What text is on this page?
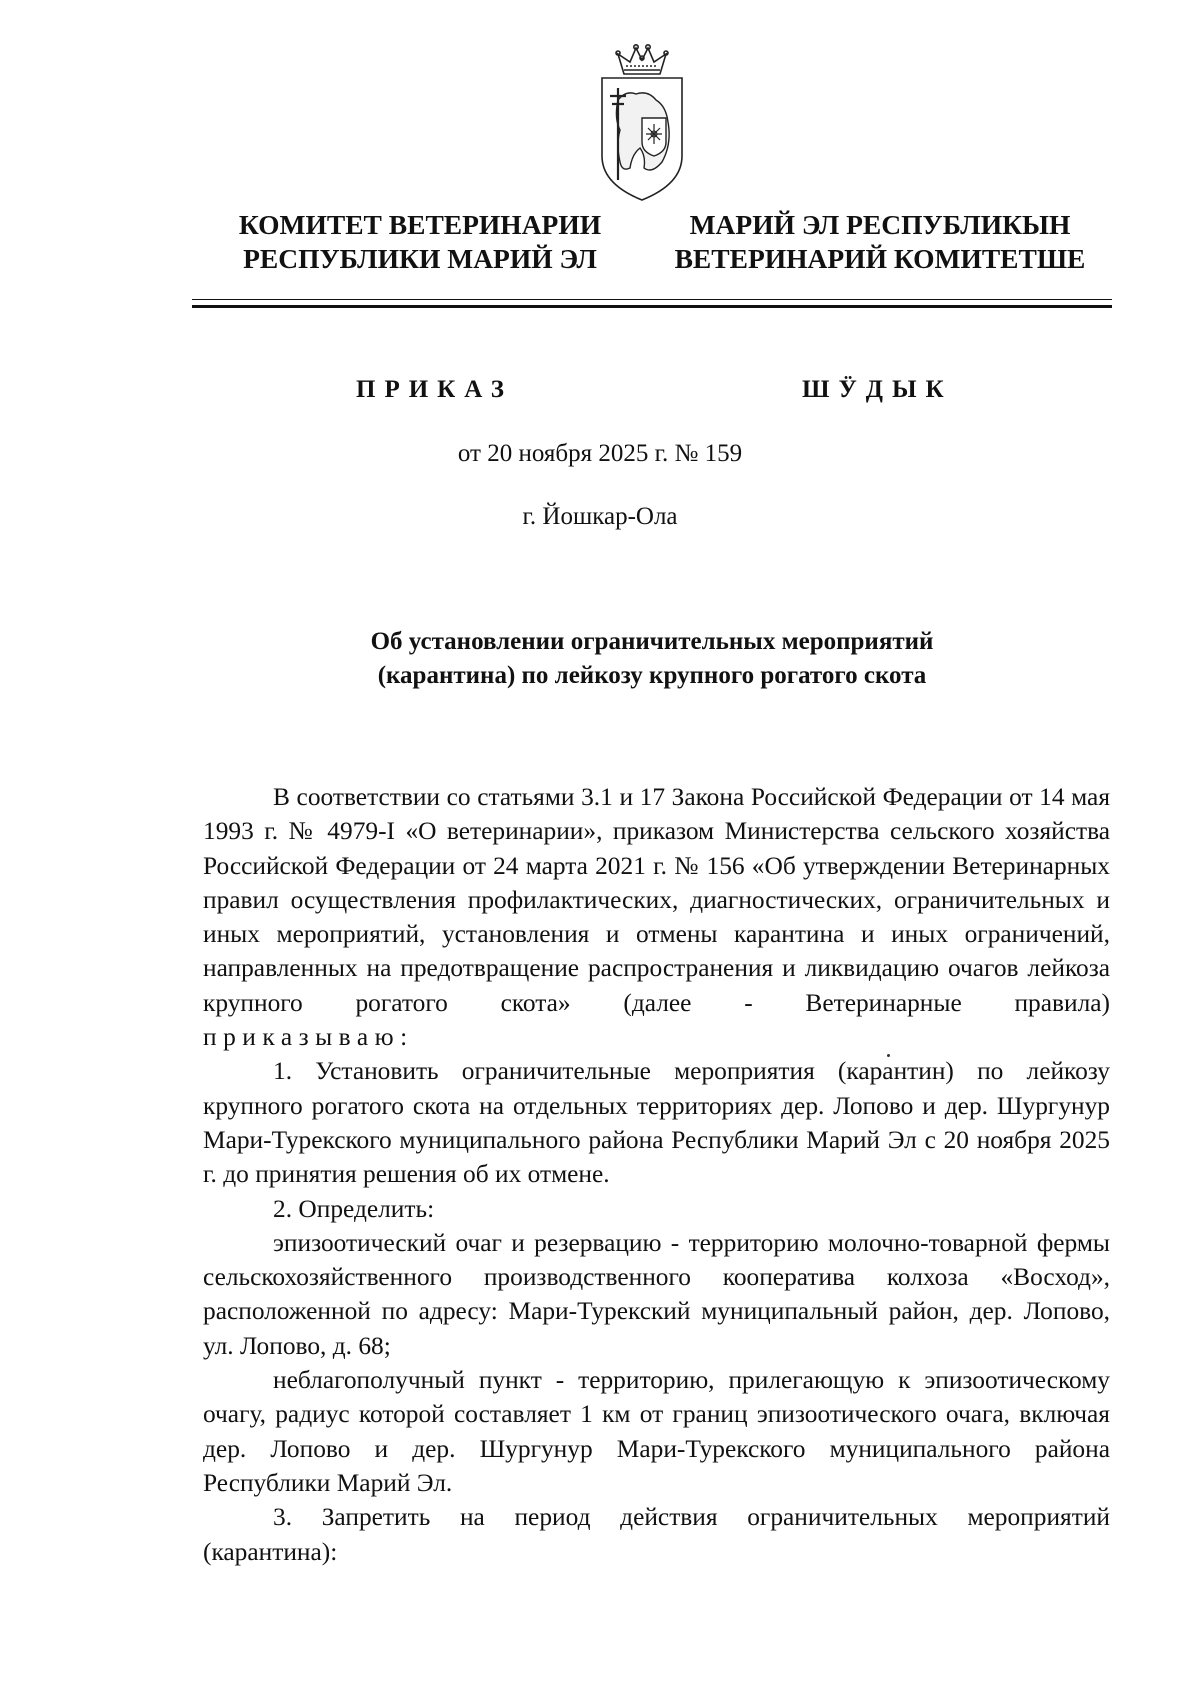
КОМИТЕТ ВЕТЕРИНАРИИ
РЕСПУБЛИКИ МАРИЙ ЭЛ
МАРИЙ ЭЛ РЕСПУБЛИКЫН
ВЕТЕРИНАРИЙ КОМИТЕТШЕ
ПРИКАЗ	ШӰДЫК
от 20 ноября 2025 г. № 159
г. Йошкар-Ола
Об установлении ограничительных мероприятий
(карантина) по лейкозу крупного рогатого скота

В соответствии со статьями 3.1 и 17 Закона Российской Федерации от 14 мая 1993 г. № 4979-I «О ветеринарии», приказом Министерства сельского хозяйства Российской Федерации от 24 марта 2021 г. № 156 «Об утверждении Ветеринарных правил осуществления профилактических, диагностических, ограничительных и иных мероприятий, установления и отмены карантина и иных ограничений, направленных на предотвращение распространения и ликвидацию очагов лейкоза крупного рогатого скота» (далее - Ветеринарные правила)

приказываю:

1. Установить ограничительные мероприятия (карантин) по лейкозу крупного рогатого скота на отдельных территориях дер. Лопово и дер. Шургунур Мари-Турекского муниципального района Республики Марий Эл с 20 ноября 2025 г. до принятия решения об их отмене.

2. Определить:

эпизоотический очаг и резервацию - территорию молочно-товарной фермы сельскохозяйственного производственного кооператива колхоза «Восход», расположенной по адресу: Мари-Турекский муниципальный район, дер. Лопово, ул. Лопово, д. 68;

неблагополучный пункт - территорию, прилегающую к эпизоотическому очагу, радиус которой составляет 1 км от границ эпизоотического очага, включая дер. Лопово и дер. Шургунур Мари-Турекского муниципального района Республики Марий Эл.

3. Запретить на период действия ограничительных мероприятий (карантина):
